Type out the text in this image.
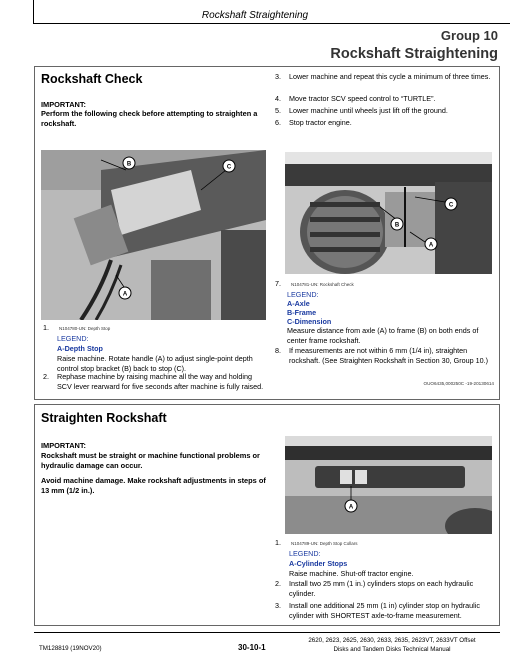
Rockshaft Straightening
Group 10
Rockshaft Straightening
Rockshaft Check
IMPORTANT:
Perform the following check before attempting to straighten a rockshaft.
B	C
A
1. N104780-UN: Depth Stop
LEGEND:
A-Depth Stop
Raise machine. Rotate handle (A) to adjust single-point depth control stop bracket (B) back to stop (C).
2.	Rephase machine by raising machine all the way and holding SCV lever rearward for five seconds after machine is fully raised.
3.	Lower machine and repeat this cycle a minimum of three times.
4.	Move tractor SCV speed control to “TURTLE”.
5.	Lower machine until wheels just lift off the ground.
6.	Stop tractor engine.
B
C
A
7. N104781-UN: Rockshaft Check
LEGEND:
A-Axle
B-Frame
C-Dimension
Measure distance from axle (A) to frame (B) on both ends of center frame rockshaft.
8.	If measurements are not within 6 mm (1/4 in), straighten rockshaft. (See Straighten Rockshaft in Section 30, Group 10.)
OUO6435,000250C -19-20130614
Straighten Rockshaft
IMPORTANT:
Rockshaft must be straight or machine functional problems or hydraulic damage can occur.
Avoid machine damage. Make rockshaft adjustments in steps of 13 mm (1/2 in.).
A
1. N104789-UN: Depth Stop Collars
LEGEND:
A-Cylinder Stops
Raise machine. Shut-off tractor engine.
2.	Install two 25 mm (1 in.) cylinders stops on each hydraulic cylinder.
3.	Install one additional 25 mm (1 in) cylinder stop on hydraulic cylinder with SHORTEST axle-to-frame measurement.
TM128819 (19NOV20)	30-10-1
2620, 2623, 2625, 2630, 2633, 2635, 2623VT, 2633VT Offset
Disks and Tandem Disks Technical Manual
